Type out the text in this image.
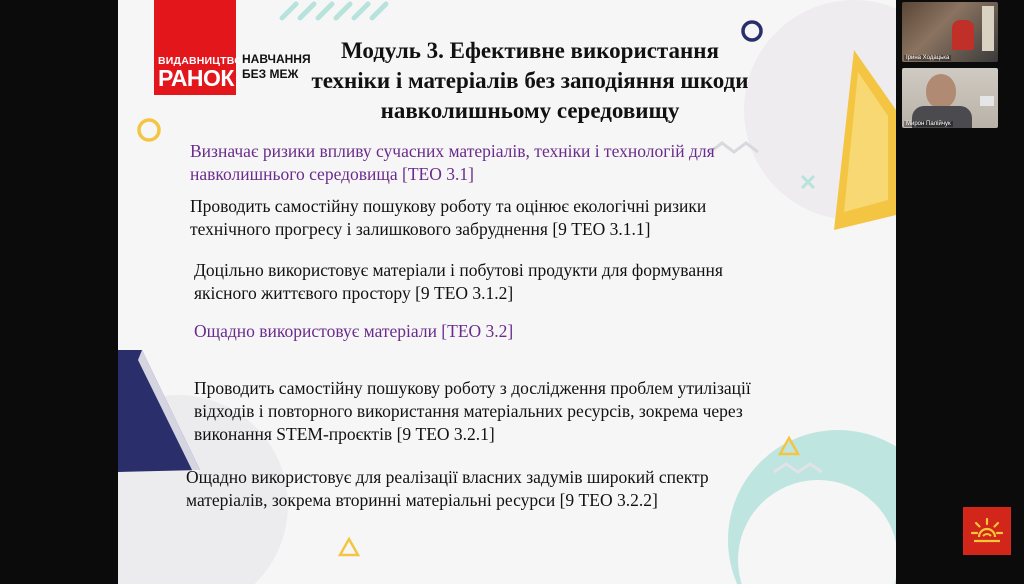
ВИДАВНИЦТВО
РАНОК
НАВЧАННЯ
БЕЗ МЕЖ
Модуль 3. Ефективне використання техніки і матеріалів без заподіяння шкоди навколишньому середовищу

Визначає ризики впливу сучасних матеріалів, техніки і технологій для навколишнього середовища [ТЕО 3.1]

Проводить самостійну пошукову роботу та оцінює екологічні ризики технічного прогресу і залишкового забруднення [9 ТЕО 3.1.1]

Доцільно використовує матеріали і побутові продукти для формування якісного життєвого простору [9 ТЕО 3.1.2]

Ощадно використовує матеріали [ТЕО 3.2]

Проводить самостійну пошукову роботу з дослідження проблем утилізації відходів і повторного використання матеріальних ресурсів, зокрема через виконання STEM-проєктів [9 ТЕО 3.2.1]

Ощадно використовує для реалізації власних задумів широкий спектр матеріалів, зокрема вторинні матеріальні ресурси [9 ТЕО 3.2.2]

Ірина Ходацька
Мирон Палійчук
